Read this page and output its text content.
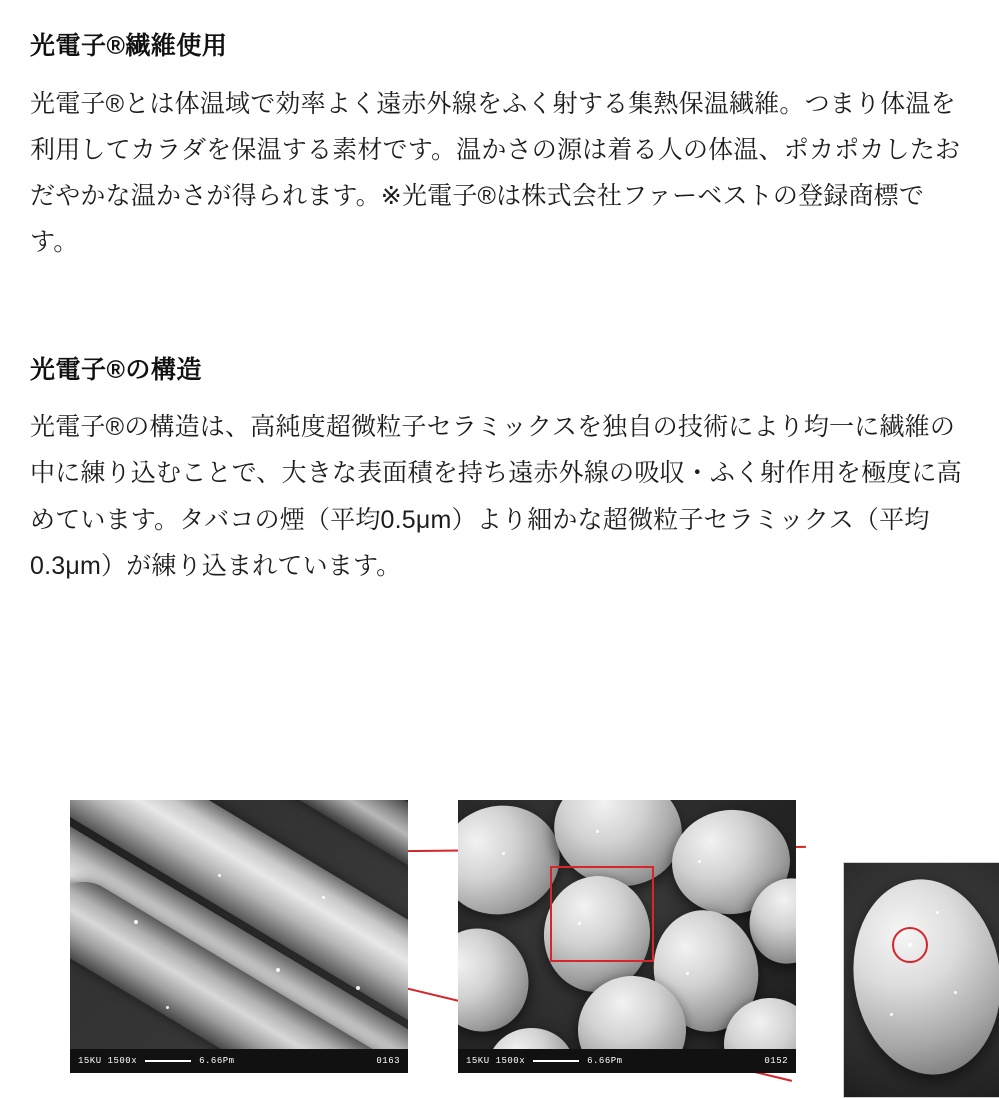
光電子®繊維使用

光電子®とは体温域で効率よく遠赤外線をふく射する集熱保温繊維。つまり体温を利用してカラダを保温する素材です。温かさの源は着る人の体温、ポカポカしたおだやかな温かさが得られます。※光電子®は株式会社ファーベストの登録商標です。

光電子®の構造

光電子®の構造は、高純度超微粒子セラミックスを独自の技術により均一に繊維の中に練り込むことで、大きな表面積を持ち遠赤外線の吸収・ふく射作用を極度に高めています。タバコの煙（平均0.5μm）より細かな超微粒子セラミックス（平均0.3μm）が練り込まれています。

15KU 1500x	6.66Pm	0163	15KU 1500x	6.66Pm	0152
